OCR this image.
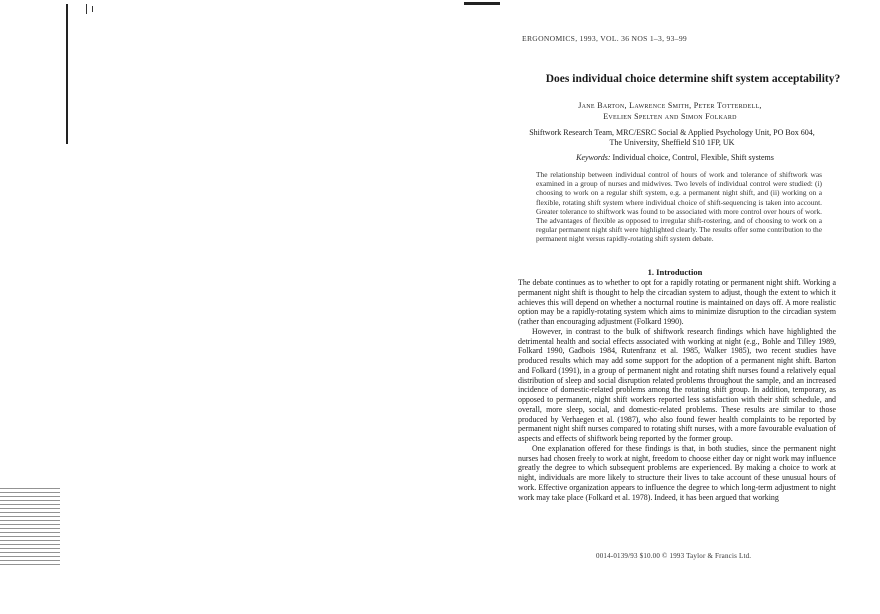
ERGONOMICS, 1993, VOL. 36 NOS 1–3, 93–99
Does individual choice determine shift system acceptability?
Jane Barton, Lawrence Smith, Peter Totterdell,
Evelien Spelten and Simon Folkard
Shiftwork Research Team, MRC/ESRC Social & Applied Psychology Unit, PO Box 604,
The University, Sheffield S10 1FP, UK
Keywords: Individual choice, Control, Flexible, Shift systems
The relationship between individual control of hours of work and tolerance of shiftwork was examined in a group of nurses and midwives. Two levels of individual control were studied: (i) choosing to work on a regular shift system, e.g. a permanent night shift, and (ii) working on a flexible, rotating shift system where individual choice of shift-sequencing is taken into account. Greater tolerance to shiftwork was found to be associated with more control over hours of work. The advantages of flexible as opposed to irregular shift-rostering, and of choosing to work on a regular permanent night shift were highlighted clearly. The results offer some contribution to the permanent night versus rapidly-rotating shift system debate.
1. Introduction

The debate continues as to whether to opt for a rapidly rotating or permanent night shift. Working a permanent night shift is thought to help the circadian system to adjust, though the extent to which it achieves this will depend on whether a nocturnal routine is maintained on days off. A more realistic option may be a rapidly-rotating system which aims to minimize disruption to the circadian system (rather than encouraging adjustment (Folkard 1990).

However, in contrast to the bulk of shiftwork research findings which have highlighted the detrimental health and social effects associated with working at night (e.g., Bohle and Tilley 1989, Folkard 1990, Gadbois 1984, Rutenfranz et al. 1985, Walker 1985), two recent studies have produced results which may add some support for the adoption of a permanent night shift. Barton and Folkard (1991), in a group of permanent night and rotating shift nurses found a relatively equal distribution of sleep and social disruption related problems throughout the sample, and an increased incidence of domestic-related problems among the rotating shift group. In addition, temporary, as opposed to permanent, night shift workers reported less satisfaction with their shift schedule, and overall, more sleep, social, and domestic-related problems. These results are similar to those produced by Verhaegen et al. (1987), who also found fewer health complaints to be reported by permanent night shift nurses compared to rotating shift nurses, with a more favourable evaluation of aspects and effects of shiftwork being reported by the former group.

One explanation offered for these findings is that, in both studies, since the permanent night nurses had chosen freely to work at night, freedom to choose either day or night work may influence greatly the degree to which subsequent problems are experienced. By making a choice to work at night, individuals are more likely to structure their lives to take account of these unusual hours of work. Effective organization appears to influence the degree to which long-term adjustment to night work may take place (Folkard et al. 1978). Indeed, it has been argued that working

0014-0139/93 $10.00 © 1993 Taylor & Francis Ltd.
